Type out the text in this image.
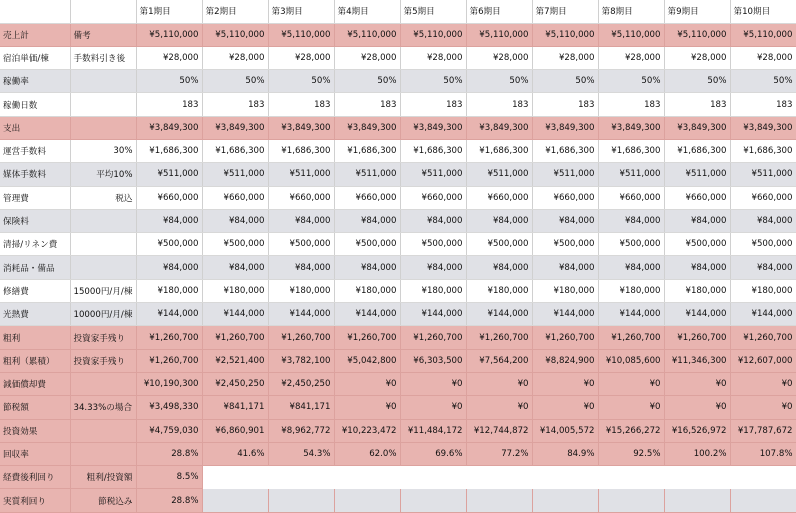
		第1期目	第2期目	第3期目	第4期目	第5期目	第6期目	第7期目	第8期目	第9期目	第10期目
売上計	備考	¥5,110,000	¥5,110,000	¥5,110,000	¥5,110,000	¥5,110,000	¥5,110,000	¥5,110,000	¥5,110,000	¥5,110,000	¥5,110,000
宿泊単価/棟	手数料引き後	¥28,000	¥28,000	¥28,000	¥28,000	¥28,000	¥28,000	¥28,000	¥28,000	¥28,000	¥28,000
稼働率		50%	50%	50%	50%	50%	50%	50%	50%	50%	50%
稼働日数		183	183	183	183	183	183	183	183	183	183
支出		¥3,849,300	¥3,849,300	¥3,849,300	¥3,849,300	¥3,849,300	¥3,849,300	¥3,849,300	¥3,849,300	¥3,849,300	¥3,849,300
運営手数料	30%	¥1,686,300	¥1,686,300	¥1,686,300	¥1,686,300	¥1,686,300	¥1,686,300	¥1,686,300	¥1,686,300	¥1,686,300	¥1,686,300
媒体手数料	平均10%	¥511,000	¥511,000	¥511,000	¥511,000	¥511,000	¥511,000	¥511,000	¥511,000	¥511,000	¥511,000
管理費	税込	¥660,000	¥660,000	¥660,000	¥660,000	¥660,000	¥660,000	¥660,000	¥660,000	¥660,000	¥660,000
保険料		¥84,000	¥84,000	¥84,000	¥84,000	¥84,000	¥84,000	¥84,000	¥84,000	¥84,000	¥84,000
清掃/リネン費		¥500,000	¥500,000	¥500,000	¥500,000	¥500,000	¥500,000	¥500,000	¥500,000	¥500,000	¥500,000
消耗品・備品		¥84,000	¥84,000	¥84,000	¥84,000	¥84,000	¥84,000	¥84,000	¥84,000	¥84,000	¥84,000
修繕費	15000円/月/棟	¥180,000	¥180,000	¥180,000	¥180,000	¥180,000	¥180,000	¥180,000	¥180,000	¥180,000	¥180,000
光熱費	10000円/月/棟	¥144,000	¥144,000	¥144,000	¥144,000	¥144,000	¥144,000	¥144,000	¥144,000	¥144,000	¥144,000
粗利	投資家手残り	¥1,260,700	¥1,260,700	¥1,260,700	¥1,260,700	¥1,260,700	¥1,260,700	¥1,260,700	¥1,260,700	¥1,260,700	¥1,260,700
粗利（累積）	投資家手残り	¥1,260,700	¥2,521,400	¥3,782,100	¥5,042,800	¥6,303,500	¥7,564,200	¥8,824,900	¥10,085,600	¥11,346,300	¥12,607,000
減価償却費		¥10,190,300	¥2,450,250	¥2,450,250	¥0	¥0	¥0	¥0	¥0	¥0	¥0
節税額	34.33%の場合	¥3,498,330	¥841,171	¥841,171	¥0	¥0	¥0	¥0	¥0	¥0	¥0
投資効果		¥4,759,030	¥6,860,901	¥8,962,772	¥10,223,472	¥11,484,172	¥12,744,872	¥14,005,572	¥15,266,272	¥16,526,972	¥17,787,672
回収率		28.8%	41.6%	54.3%	62.0%	69.6%	77.2%	84.9%	92.5%	100.2%	107.8%
経費後利回り	粗利/投資額	8.5%									
実質利回り	節税込み	28.8%									
